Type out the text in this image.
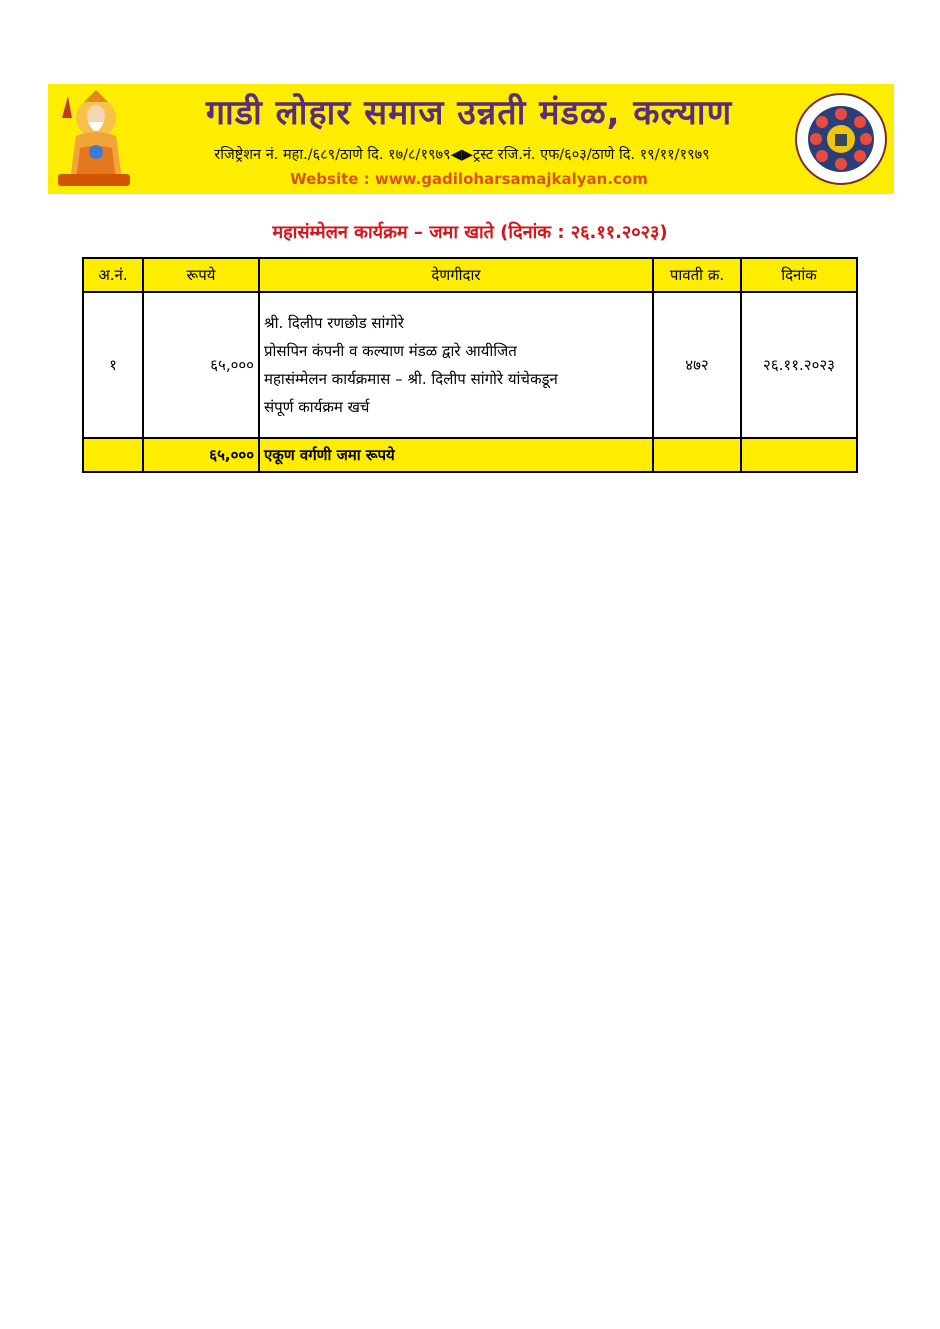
गाडी लोहार समाज उन्नती मंडळ, कल्याण
रजिष्ट्रेशन नं. महा./६८९/ठाणे दि. १७/८/१९७९◀▶ट्रस्ट रजि.नं. एफ/६०३/ठाणे दि. १९/११/१९७९
Website : www.gadiloharsamajkalyan.com
महासंम्मेलन कार्यक्रम – जमा खाते (दिनांक : २६.११.२०२३)
अ.नं.	रूपये	देणगीदार	पावती क्र.	दिनांक
१	६५,०००	श्री. दिलीप रणछोड सांगोरे
प्रोसपिन कंपनी व कल्याण मंडळ द्वारे आयीजित
महासंम्मेलन कार्यक्रमास – श्री. दिलीप सांगोरे यांचेकडून
संपूर्ण कार्यक्रम खर्च	४७२	२६.११.२०२३
	६५,०००	एकूण वर्गणी जमा रूपये		
